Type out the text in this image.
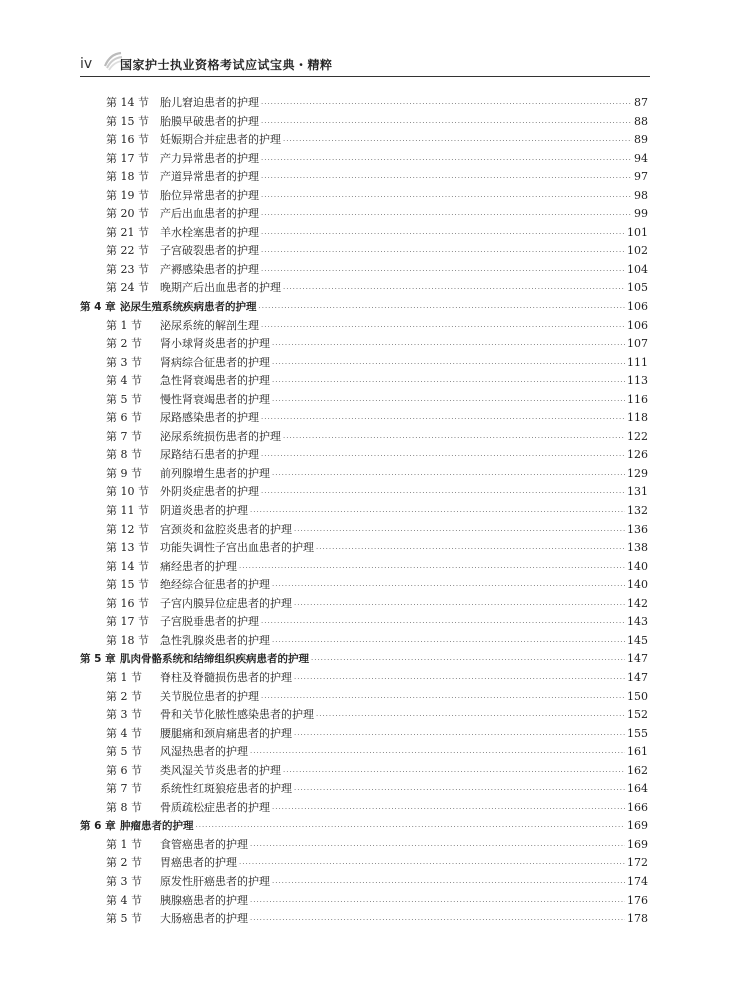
iv 国家护士执业资格考试应试宝典・精粹
第 14 节	胎儿窘迫患者的护理 ·····	87
第 15 节	胎膜早破患者的护理 ·····	88
第 16 节	妊娠期合并症患者的护理 ·····	89
第 17 节	产力异常患者的护理 ·····	94
第 18 节	产道异常患者的护理 ·····	97
第 19 节	胎位异常患者的护理 ·····	98
第 20 节	产后出血患者的护理 ·····	99
第 21 节	羊水栓塞患者的护理 ·····	101
第 22 节	子宫破裂患者的护理 ·····	102
第 23 节	产褥感染患者的护理 ·····	104
第 24 节	晚期产后出血患者的护理 ·····	105
第 4 章 泌尿生殖系统疾病患者的护理 ·····	106
第 1 节	泌尿系统的解剖生理 ·····	106
第 2 节	肾小球肾炎患者的护理 ·····	107
第 3 节	肾病综合征患者的护理 ·····	111
第 4 节	急性肾衰竭患者的护理 ·····	113
第 5 节	慢性肾衰竭患者的护理 ·····	116
第 6 节	尿路感染患者的护理 ·····	118
第 7 节	泌尿系统损伤患者的护理 ·····	122
第 8 节	尿路结石患者的护理 ·····	126
第 9 节	前列腺增生患者的护理 ·····	129
第 10 节	外阴炎症患者的护理 ·····	131
第 11 节	阴道炎患者的护理 ·····	132
第 12 节	宫颈炎和盆腔炎患者的护理 ·····	136
第 13 节	功能失调性子宫出血患者的护理 ·····	138
第 14 节	痛经患者的护理 ·····	140
第 15 节	绝经综合征患者的护理 ·····	140
第 16 节	子宫内膜异位症患者的护理 ·····	142
第 17 节	子宫脱垂患者的护理 ·····	143
第 18 节	急性乳腺炎患者的护理 ·····	145
第 5 章 肌肉骨骼系统和结缔组织疾病患者的护理 ·····	147
第 1 节	脊柱及脊髓损伤患者的护理 ·····	147
第 2 节	关节脱位患者的护理 ·····	150
第 3 节	骨和关节化脓性感染患者的护理 ·····	152
第 4 节	腰腿痛和颈肩痛患者的护理 ·····	155
第 5 节	风湿热患者的护理 ·····	161
第 6 节	类风湿关节炎患者的护理 ·····	162
第 7 节	系统性红斑狼疮患者的护理 ·····	164
第 8 节	骨质疏松症患者的护理 ·····	166
第 6 章 肿瘤患者的护理 ·····	169
第 1 节	食管癌患者的护理 ·····	169
第 2 节	胃癌患者的护理 ·····	172
第 3 节	原发性肝癌患者的护理 ·····	174
第 4 节	胰腺癌患者的护理 ·····	176
第 5 节	大肠癌患者的护理 ·····	178
